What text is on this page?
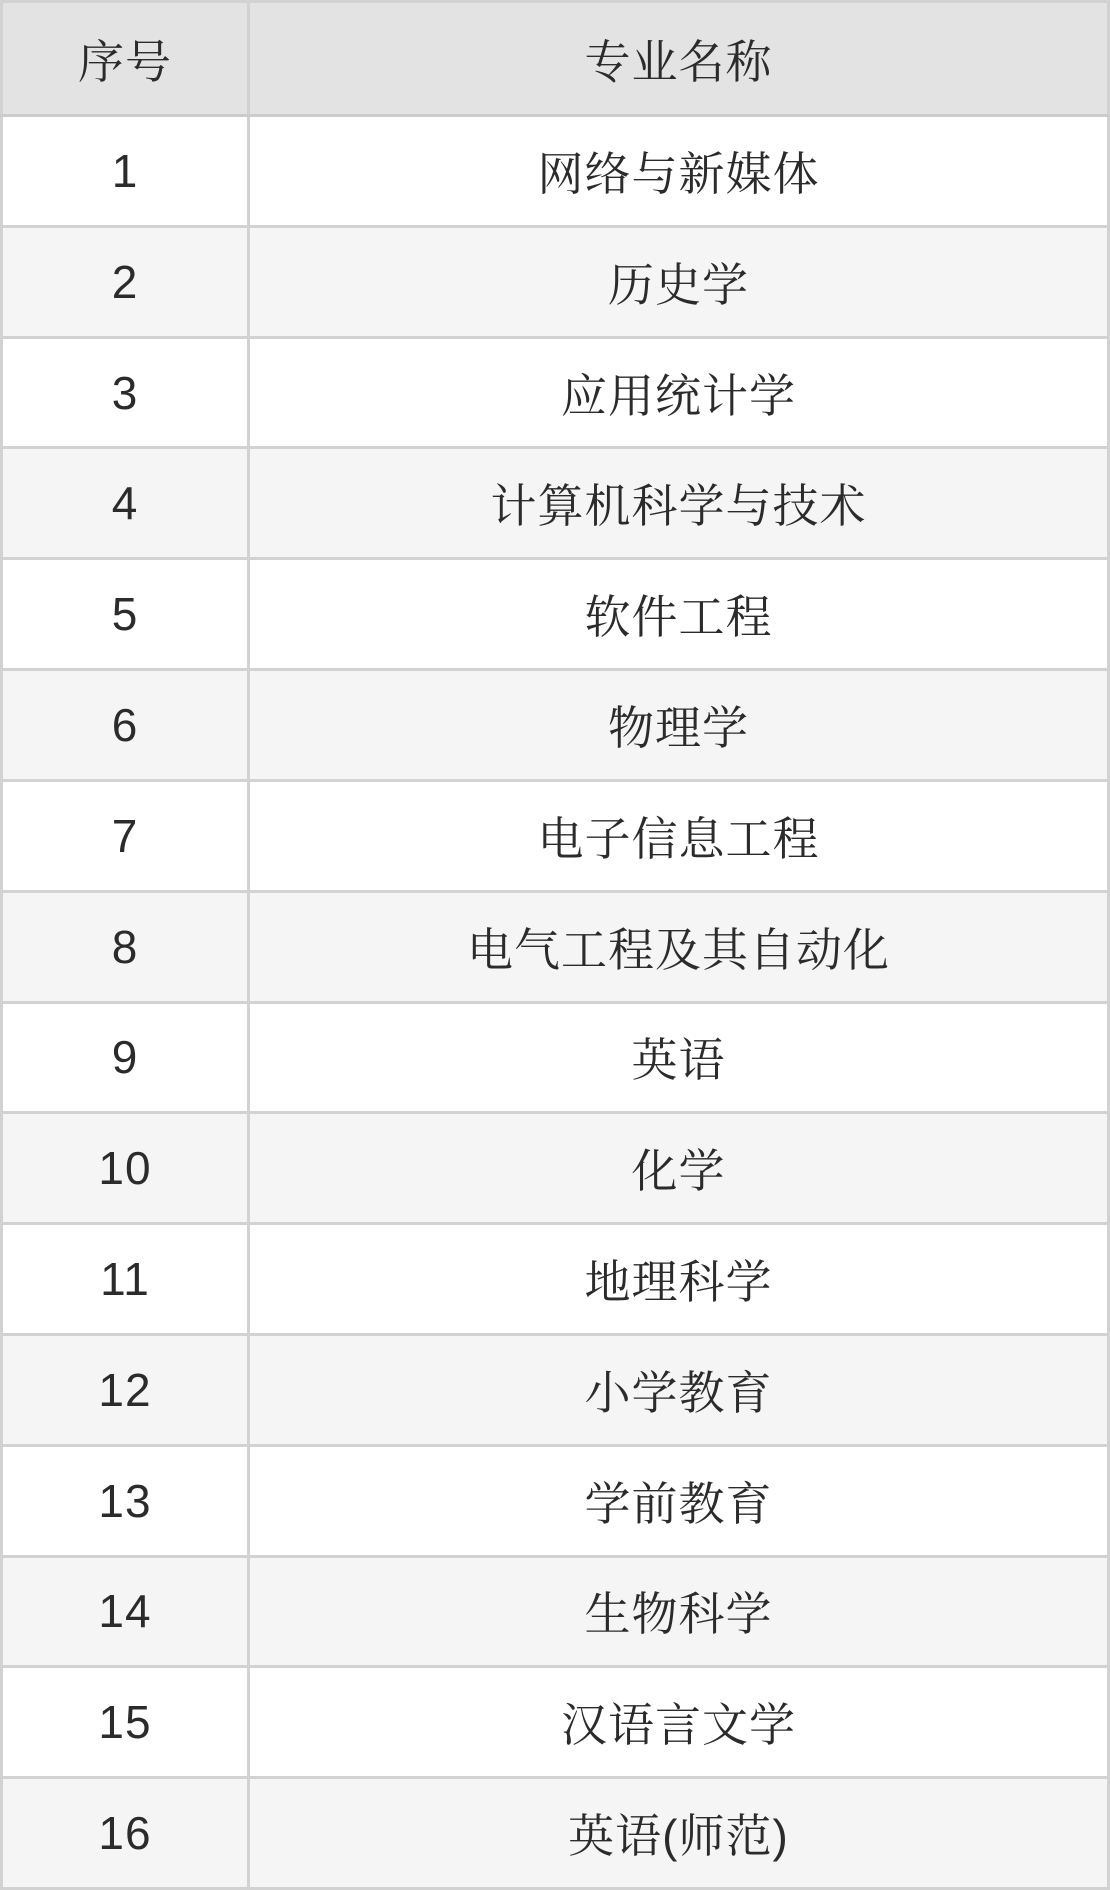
序号	专业名称
1	网络与新媒体
2	历史学
3	应用统计学
4	计算机科学与技术
5	软件工程
6	物理学
7	电子信息工程
8	电气工程及其自动化
9	英语
10	化学
11	地理科学
12	小学教育
13	学前教育
14	生物科学
15	汉语言文学
16	英语(师范)
